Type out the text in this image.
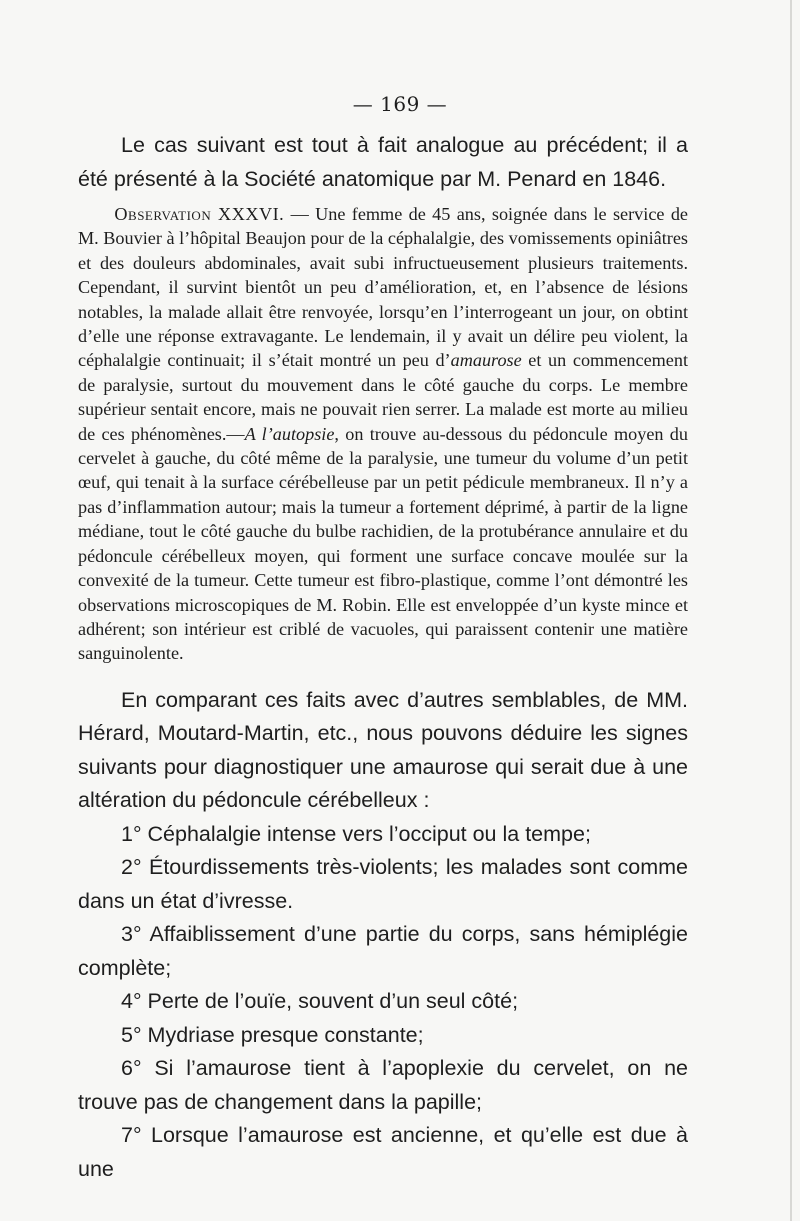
— 169 —

Le cas suivant est tout à fait analogue au précédent; il a été présenté à la Société anatomique par M. Penard en 1846.

Observation XXXVI. — Une femme de 45 ans, soignée dans le service de M. Bouvier à l’hôpital Beaujon pour de la céphalalgie, des vomissements opiniâtres et des douleurs abdominales, avait subi infructueusement plusieurs traitements. Cependant, il survint bientôt un peu d’amélioration, et, en l’absence de lésions notables, la malade allait être renvoyée, lorsqu’en l’interrogeant un jour, on obtint d’elle une réponse extravagante. Le lendemain, il y avait un délire peu violent, la céphalalgie continuait; il s’était montré un peu d’amaurose et un commencement de paralysie, surtout du mouvement dans le côté gauche du corps. Le membre supérieur sentait encore, mais ne pouvait rien serrer. La malade est morte au milieu de ces phénomènes.—A l’autopsie, on trouve au-dessous du pédoncule moyen du cervelet à gauche, du côté même de la paralysie, une tumeur du volume d’un petit œuf, qui tenait à la surface cérébelleuse par un petit pédicule membraneux. Il n’y a pas d’inflammation autour; mais la tumeur a fortement déprimé, à partir de la ligne médiane, tout le côté gauche du bulbe rachidien, de la protubérance annulaire et du pédoncule cérébelleux moyen, qui forment une surface concave moulée sur la convexité de la tumeur. Cette tumeur est fibro-plastique, comme l’ont démontré les observations microscopiques de M. Robin. Elle est enveloppée d’un kyste mince et adhérent; son intérieur est criblé de vacuoles, qui paraissent contenir une matière sanguinolente.

En comparant ces faits avec d’autres semblables, de MM. Hérard, Moutard-Martin, etc., nous pouvons déduire les signes suivants pour diagnostiquer une amaurose qui serait due à une altération du pédoncule cérébelleux :

1° Céphalalgie intense vers l’occiput ou la tempe;

2° Étourdissements très-violents; les malades sont comme dans un état d’ivresse.

3° Affaiblissement d’une partie du corps, sans hémiplégie complète;

4° Perte de l’ouïe, souvent d’un seul côté;

5° Mydriase presque constante;

6° Si l’amaurose tient à l’apoplexie du cervelet, on ne trouve pas de changement dans la papille;

7° Lorsque l’amaurose est ancienne, et qu’elle est due à une
